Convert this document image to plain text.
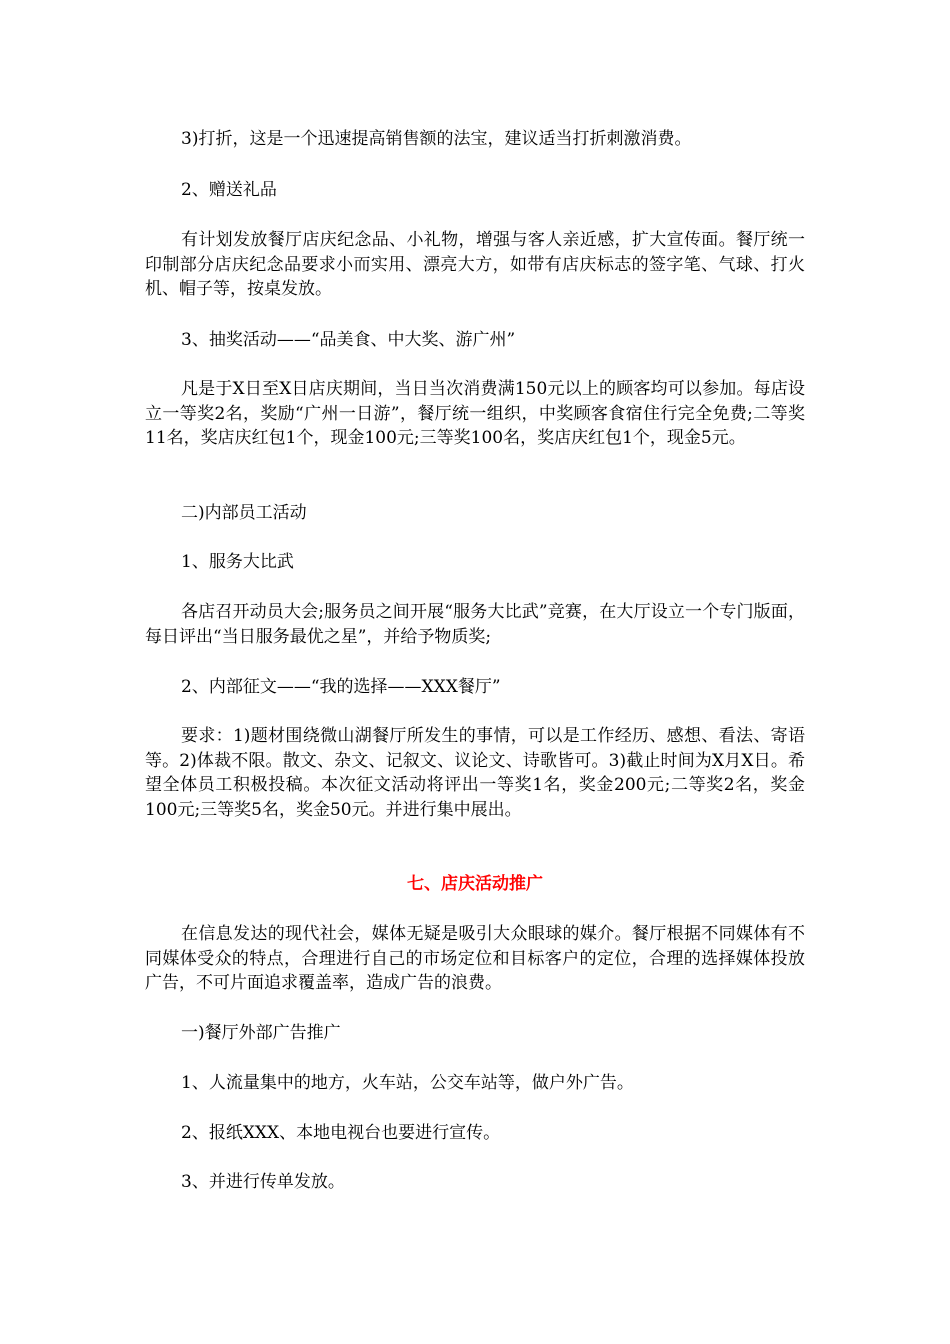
3)打折，这是一个迅速提高销售额的法宝，建议适当打折刺激消费。

2、赠送礼品

有计划发放餐厅店庆纪念品、小礼物，增强与客人亲近感，扩大宣传面。餐厅统一印制部分店庆纪念品要求小而实用、漂亮大方，如带有店庆标志的签字笔、气球、打火机、帽子等，按桌发放。

3、抽奖活动——“品美食、中大奖、游广州”

凡是于X日至X日店庆期间，当日当次消费满150元以上的顾客均可以参加。每店设立一等奖2名，奖励“广州一日游”，餐厅统一组织，中奖顾客食宿住行完全免费;二等奖11名，奖店庆红包1个，现金100元;三等奖100名，奖店庆红包1个，现金5元。

二)内部员工活动

1、服务大比武

各店召开动员大会;服务员之间开展“服务大比武”竞赛，在大厅设立一个专门版面，每日评出“当日服务最优之星”，并给予物质奖;

2、内部征文——“我的选择——XXX餐厅”

要求：1)题材围绕微山湖餐厅所发生的事情，可以是工作经历、感想、看法、寄语等。2)体裁不限。散文、杂文、记叙文、议论文、诗歌皆可。3)截止时间为X月X日。希望全体员工积极投稿。本次征文活动将评出一等奖1名，奖金200元;二等奖2名，奖金100元;三等奖5名，奖金50元。并进行集中展出。

七、店庆活动推广

在信息发达的现代社会，媒体无疑是吸引大众眼球的媒介。餐厅根据不同媒体有不同媒体受众的特点，合理进行自己的市场定位和目标客户的定位，合理的选择媒体投放广告，不可片面追求覆盖率，造成广告的浪费。

一)餐厅外部广告推广

1、人流量集中的地方，火车站，公交车站等，做户外广告。

2、报纸XXX、本地电视台也要进行宣传。

3、并进行传单发放。
